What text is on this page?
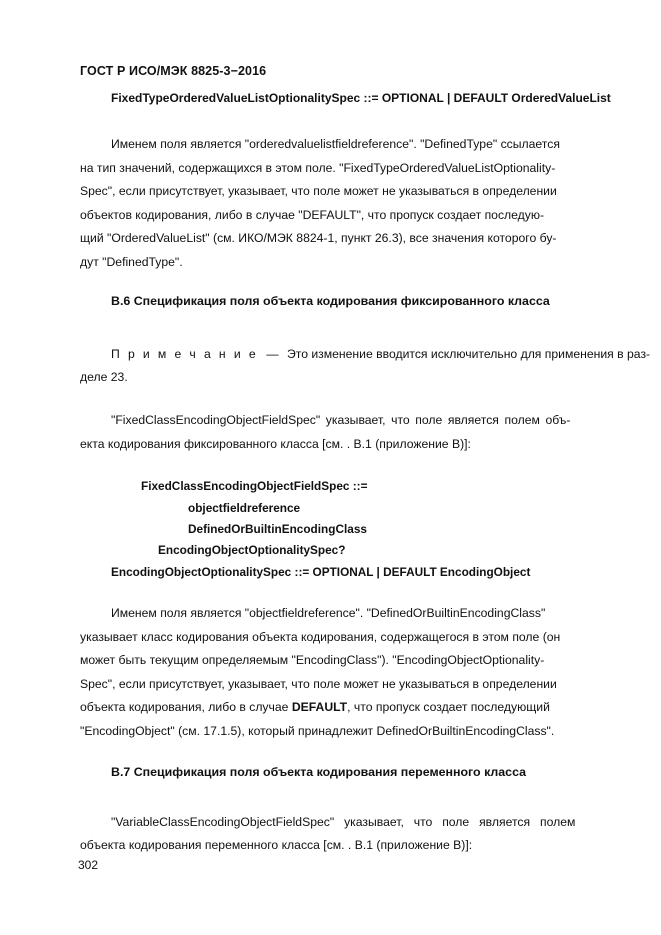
ГОСТ Р ИСО/МЭК 8825-3−2016
FixedTypeOrderedValueListOptionalitySpec ::= OPTIONAL | DEFAULT OrderedValueList
Именем поля является "orderedvaluelistfieldreference". "DefinedType" ссылается
на тип значений, содержащихся в этом поле. "FixedTypeOrderedValueListOptionality-
Spec", если присутствует, указывает, что поле может не указываться в определении
объектов кодирования, либо в случае "DEFAULT", что пропуск создает последую-
щий "OrderedValueList" (см. ИКО/МЭК 8824-1, пункт 26.3), все значения которого бу-
дут "DefinedType".
В.6 Спецификация поля объекта кодирования фиксированного класса
П р и м е ч а н и е — Это изменение вводится исключительно для применения в раз-
деле 23.
"FixedClassEncodingObjectFieldSpec" указывает, что поле является полем объ-
екта кодирования фиксированного класса [см. . В.1 (приложение В)]:
FixedClassEncodingObjectFieldSpec ::=
objectfieldreference
DefinedOrBuiltinEncodingClass
EncodingObjectOptionalitySpec?
EncodingObjectOptionalitySpec ::= OPTIONAL | DEFAULT EncodingObject
Именем поля является "objectfieldreference". "DefinedOrBuiltinEncodingClass"
указывает класс кодирования объекта кодирования, содержащегося в этом поле (он
может быть текущим определяемым "EncodingClass"). "EncodingObjectOptionality-
Spec", если присутствует, указывает, что поле может не указываться в определении
объекта кодирования, либо в случае DEFAULT, что пропуск создает последующий
"EncodingObject" (см. 17.1.5), который принадлежит DefinedOrBuiltinEncodingClass".
В.7 Спецификация поля объекта кодирования переменного класса
"VariableClassEncodingObjectFieldSpec" указывает, что поле является полем
объекта кодирования переменного класса [см. . В.1 (приложение В)]:
302
